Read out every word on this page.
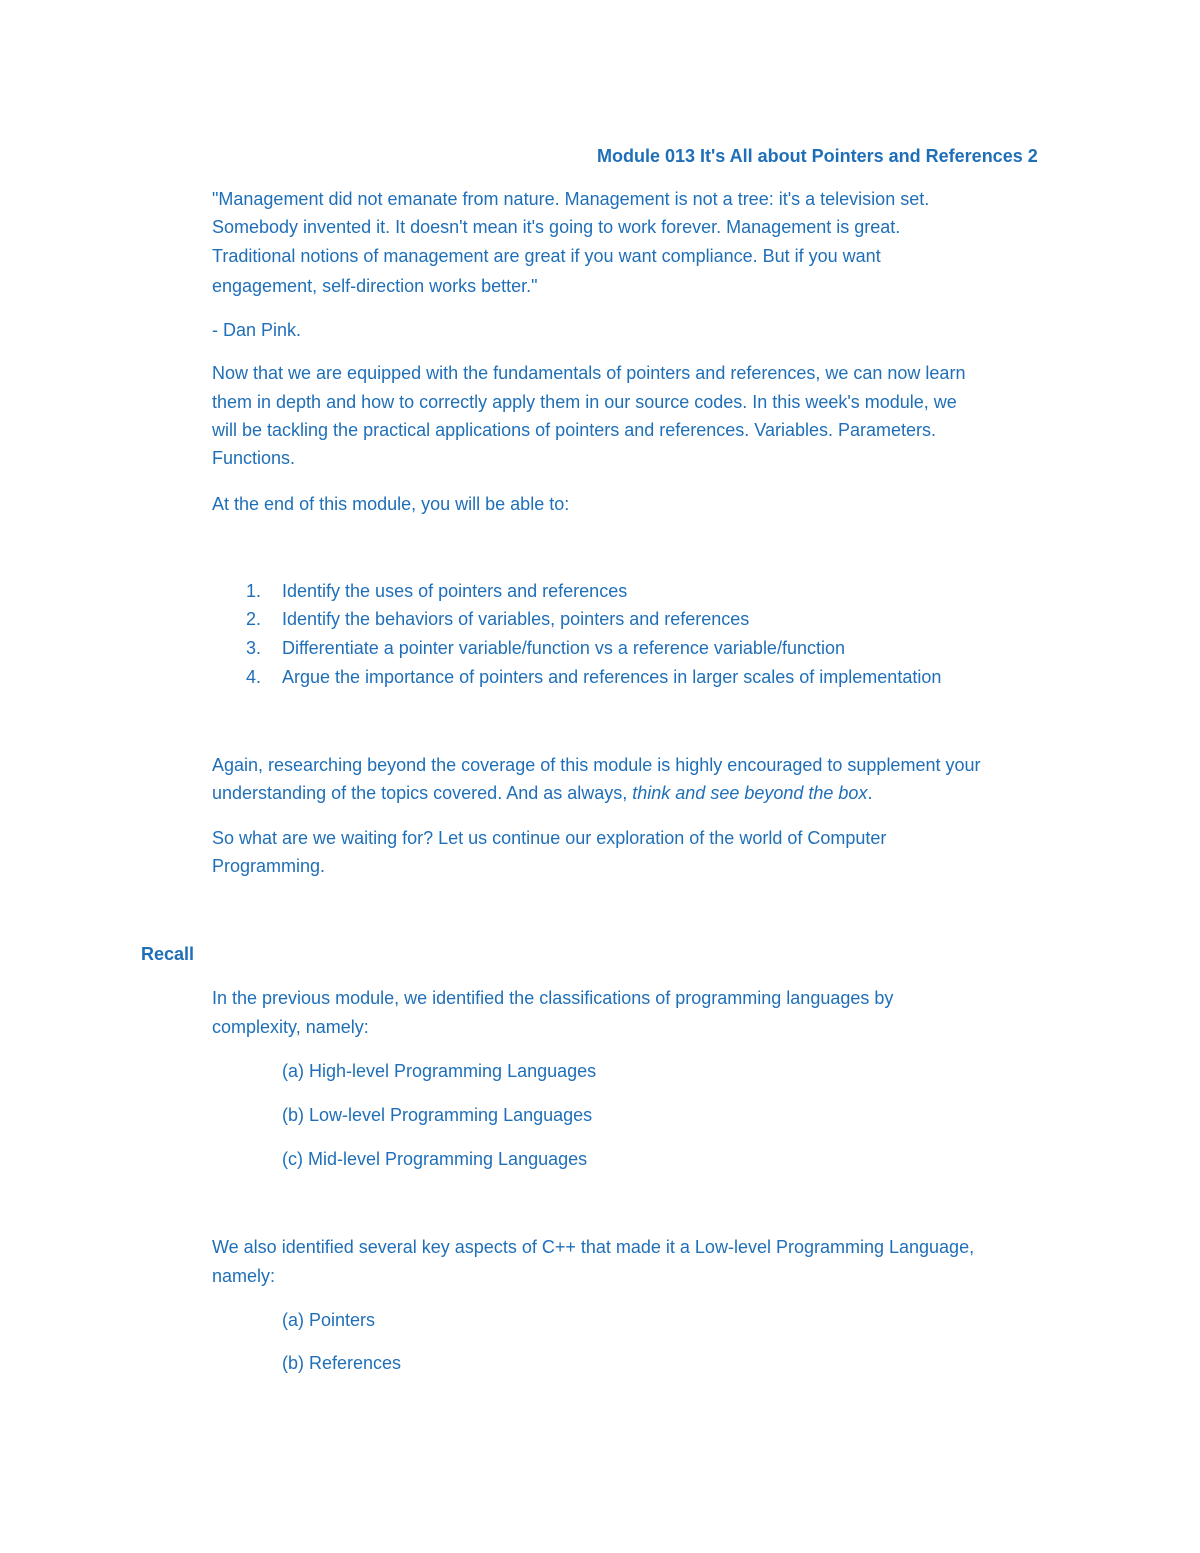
Module 013 It's All about Pointers and References 2
"Management did not emanate from nature. Management is not a tree: it's a television set.
Somebody invented it. It doesn't mean it's going to work forever. Management is great.
Traditional notions of management are great if you want compliance. But if you want
engagement, self-direction works better."
- Dan Pink.
Now that we are equipped with the fundamentals of pointers and references, we can now learn
them in depth and how to correctly apply them in our source codes. In this week's module, we
will be tackling the practical applications of pointers and references. Variables. Parameters.
Functions.
At the end of this module, you will be able to:
1. Identify the uses of pointers and references
2. Identify the behaviors of variables, pointers and references
3. Differentiate a pointer variable/function vs a reference variable/function
4. Argue the importance of pointers and references in larger scales of implementation
Again, researching beyond the coverage of this module is highly encouraged to supplement your
understanding of the topics covered. And as always, think and see beyond the box.
So what are we waiting for? Let us continue our exploration of the world of Computer
Programming.
Recall
In the previous module, we identified the classifications of programming languages by
complexity, namely:
(a) High-level Programming Languages
(b) Low-level Programming Languages
(c) Mid-level Programming Languages
We also identified several key aspects of C++ that made it a Low-level Programming Language,
namely:
(a) Pointers
(b) References
